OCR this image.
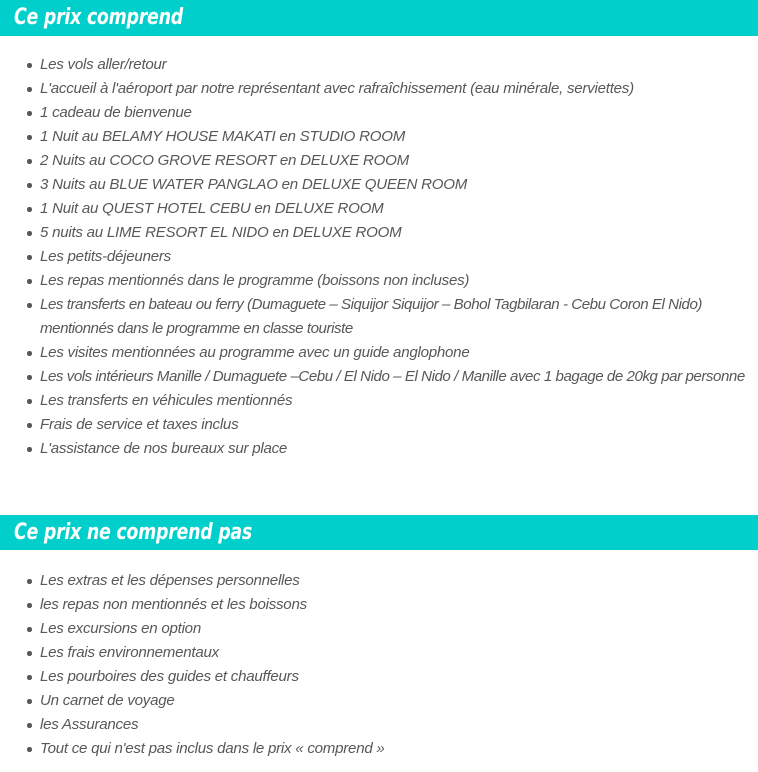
Ce prix comprend
Les vols aller/retour
L'accueil à l'aéroport par notre représentant avec rafraîchissement (eau minérale, serviettes)
1 cadeau de bienvenue
1 Nuit au BELAMY HOUSE MAKATI en STUDIO ROOM
2 Nuits au COCO GROVE RESORT en DELUXE ROOM
3 Nuits au BLUE WATER PANGLAO en DELUXE QUEEN ROOM
1 Nuit au QUEST HOTEL CEBU en DELUXE ROOM
5 nuits au LIME RESORT EL NIDO en DELUXE ROOM
Les petits-déjeuners
Les repas mentionnés dans le programme (boissons non incluses)
Les transferts en bateau ou ferry (Dumaguete – Siquijor Siquijor – Bohol Tagbilaran - Cebu Coron El Nido)
mentionnés dans le programme en classe touriste
Les visites mentionnées au programme avec un guide anglophone
Les vols intérieurs Manille / Dumaguete –Cebu / El Nido – El Nido / Manille avec 1 bagage de 20kg par personne
Les transferts en véhicules mentionnés
Frais de service et taxes inclus
L'assistance de nos bureaux sur place
Ce prix ne comprend pas
Les extras et les dépenses personnelles
les repas non mentionnés et les boissons
Les excursions en option
Les frais environnementaux
Les pourboires des guides et chauffeurs
Un carnet de voyage
les Assurances
Tout ce qui n'est pas inclus dans le prix « comprend »
